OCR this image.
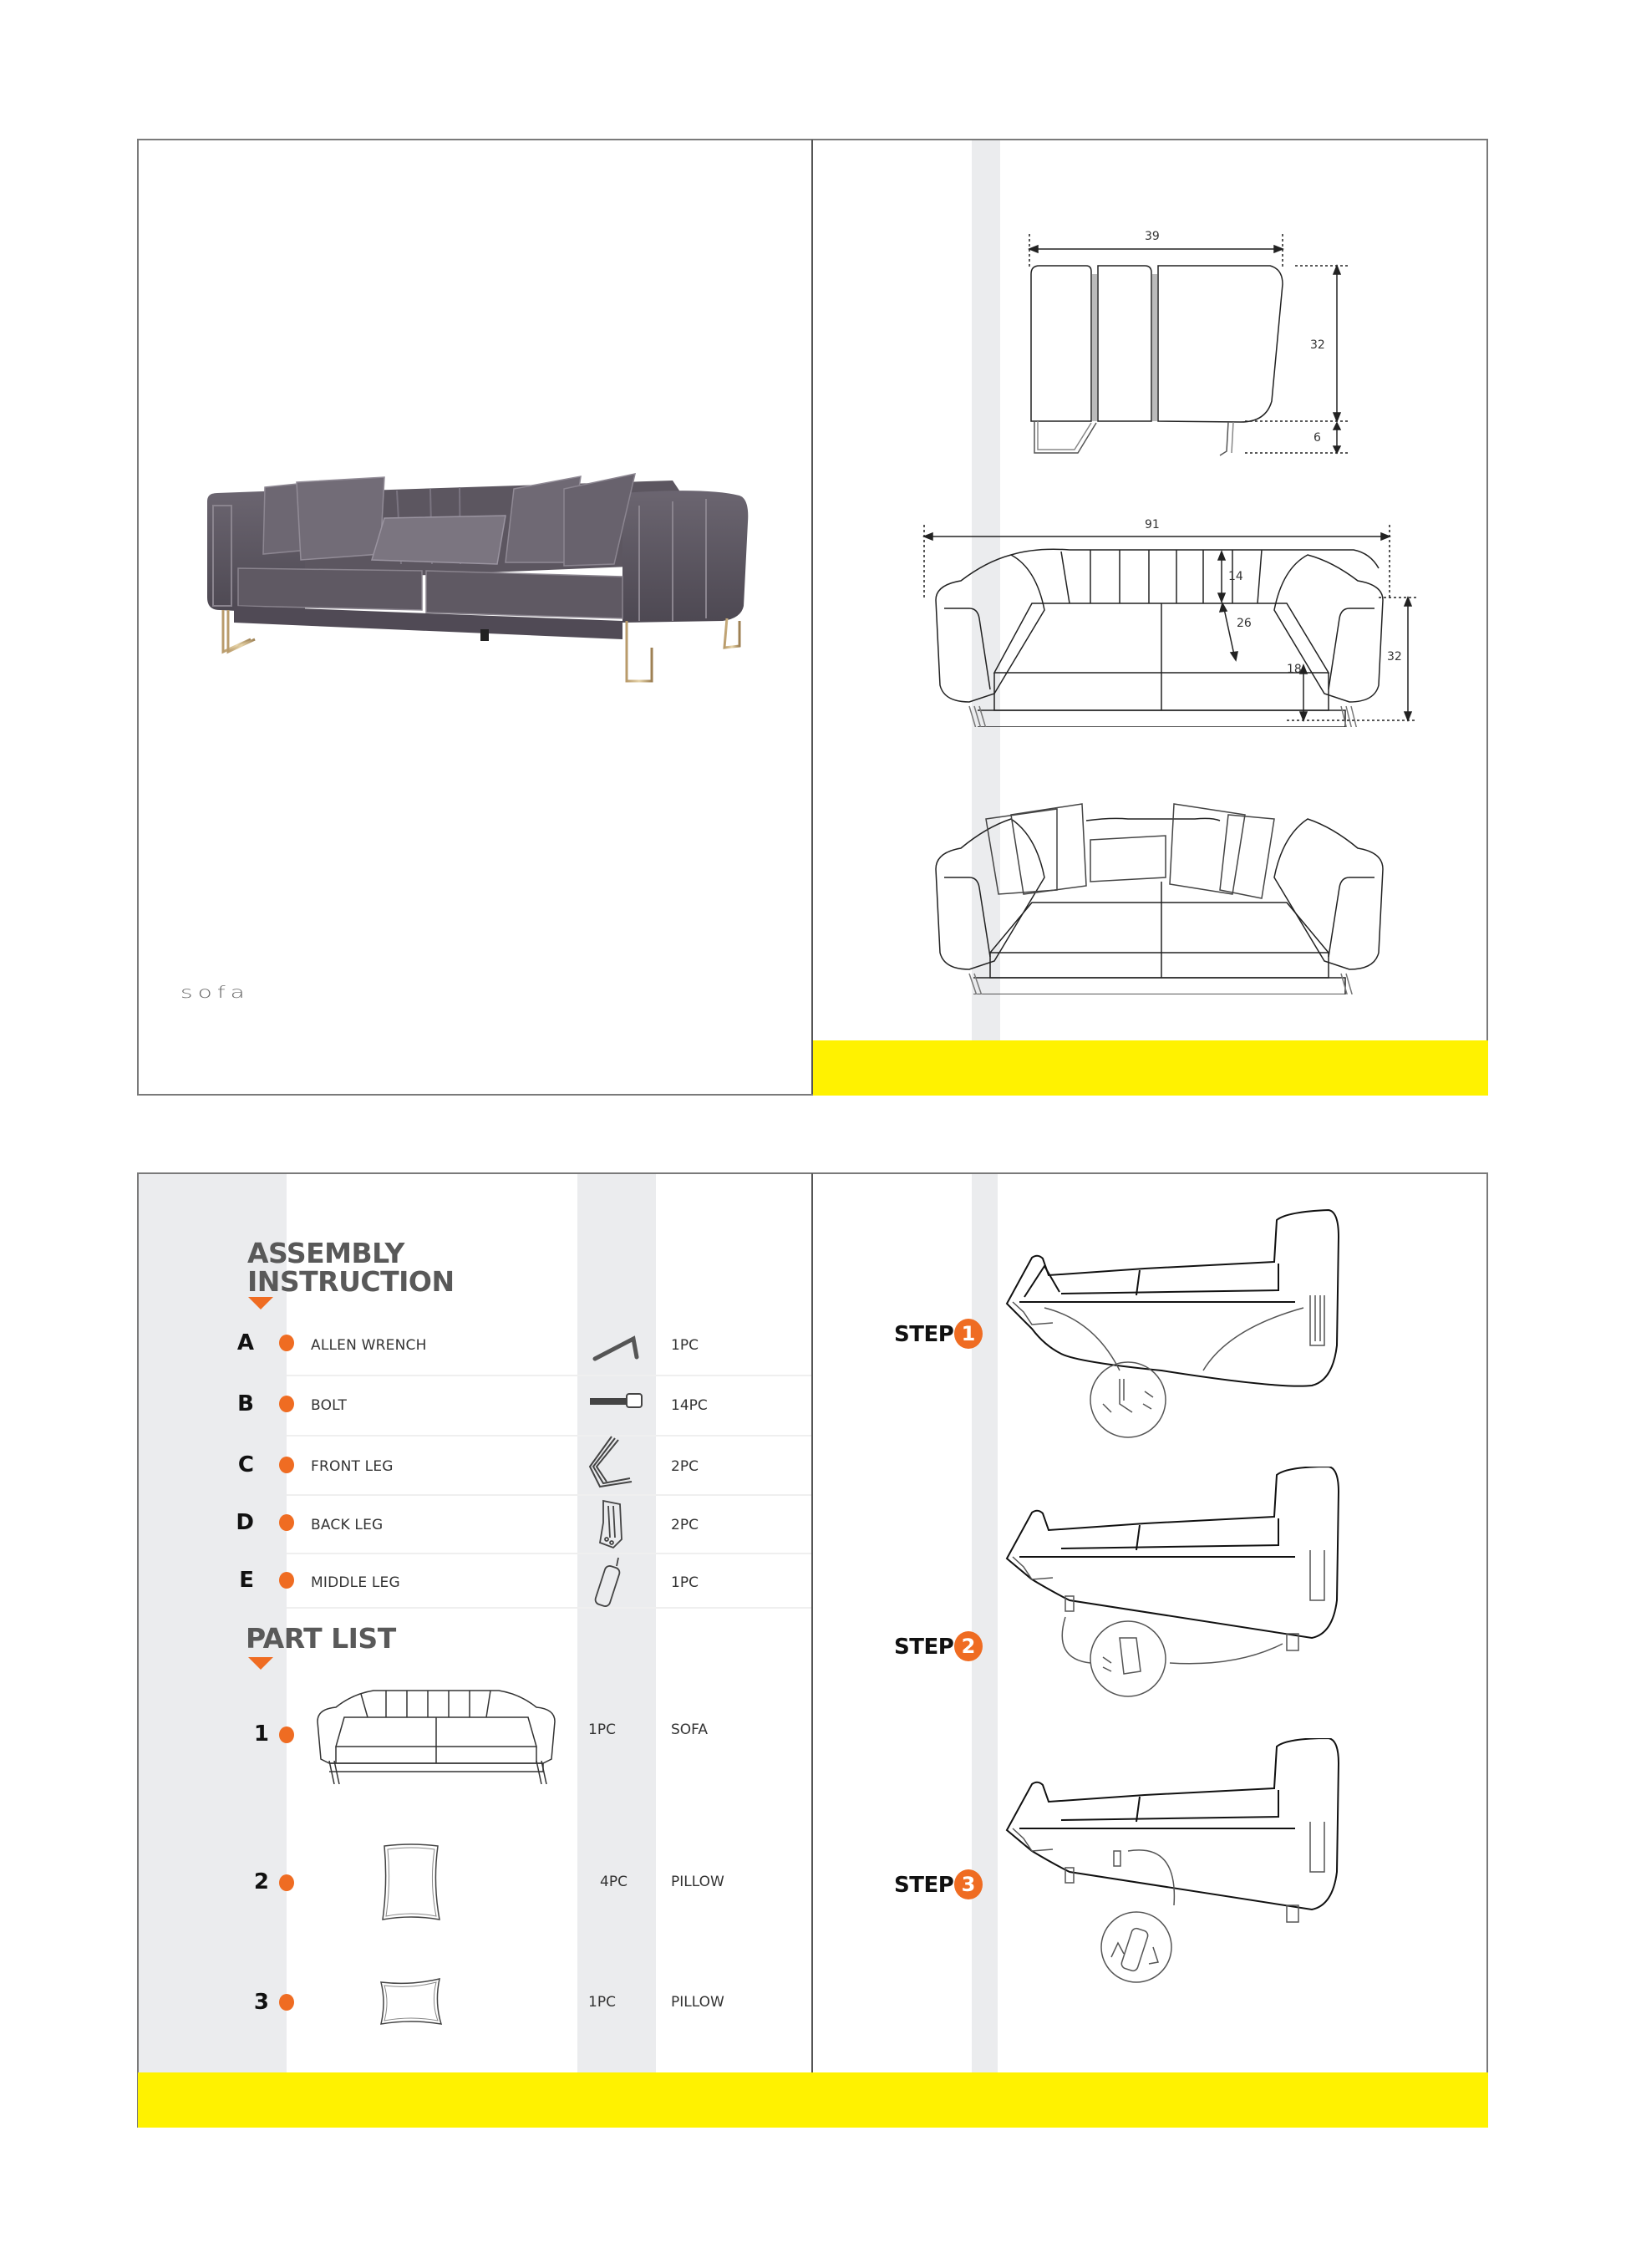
sofa
39
32
6
91
14
26
18
32
ASSEMBLY
INSTRUCTION
A	ALLEN WRENCH	1PC
B	BOLT	14PC
C	FRONT LEG	2PC
D	BACK LEG	2PC
E	MIDDLE LEG	1PC
PART LIST
1	1PC	SOFA
2	4PC	PILLOW
3	1PC	PILLOW
STEP 1
STEP 2
STEP 3
